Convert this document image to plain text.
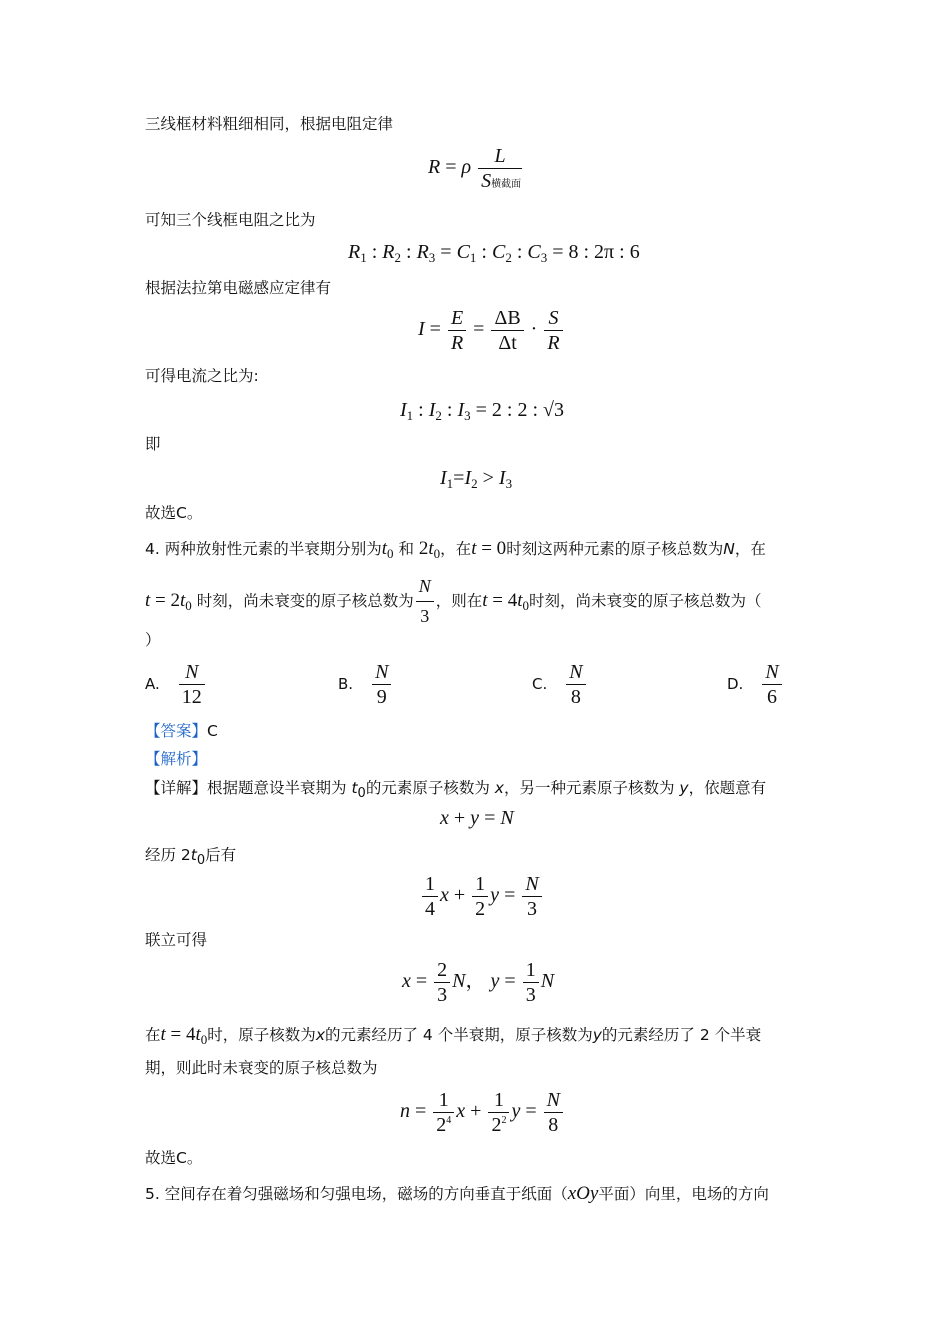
三线框材料粗细相同，根据电阻定律
R = ρ $\frac{L}{\text{S横截面}}$
可知三个线框电阻之比为
$R_1$ : $R_2$ : $R_3 = C_1$ : $C_2$ : $C_3 = 8$ : 2π : 6
根据法拉第电磁感应定律有
$I = \frac{E}{R} = \frac{\Delta B}{\Delta t} \cdot \frac{S}{R}$
可得电流之比为:
$I_1$ : $I_2$ : $I_3 = 2$ : 2 : √3
即
$I_1=I_2 > I_3$
故选C。
4. 两种放射性元素的半衰期分别为$t_0$ 和 $2t_0$，在t = 0时刻这两种元素的原子核总数为N，在
$t = 2t_0$ 时刻，尚未衰变的原子核总数为 $\frac{N}{3}$ ，则在$t = 4t_0$时刻，尚未衰变的原子核总数为（
）
A. $\frac{N}{12}$	B. $\frac{N}{9}$	C. $\frac{N}{8}$	D. $\frac{N}{6}$
【答案】C
【解析】
【详解】根据题意设半衰期为 $t_0$的元素原子核数为 x，另一种元素原子核数为 y，依题意有
x + y = N
经历 $2t_0$后有
$\frac{1}{4}$ $x + \frac{1}{2}$ $y = \frac{N}{3}$
联立可得
$x = \frac{2}{3}$ N， $y = \frac{1}{3}$ N
在$t = 4t_0$时，原子核数为x的元素经历了 4 个半衰期，原子核数为y的元素经历了 2 个半衰
期，则此时未衰变的原子核总数为
$n = \frac{1}{2^4}$ $x + \frac{1}{2^2}$ $y = \frac{N}{8}$
故选C。
5. 空间存在着匀强磁场和匀强电场，磁场的方向垂直于纸面（xOy平面）向里，电场的方向
